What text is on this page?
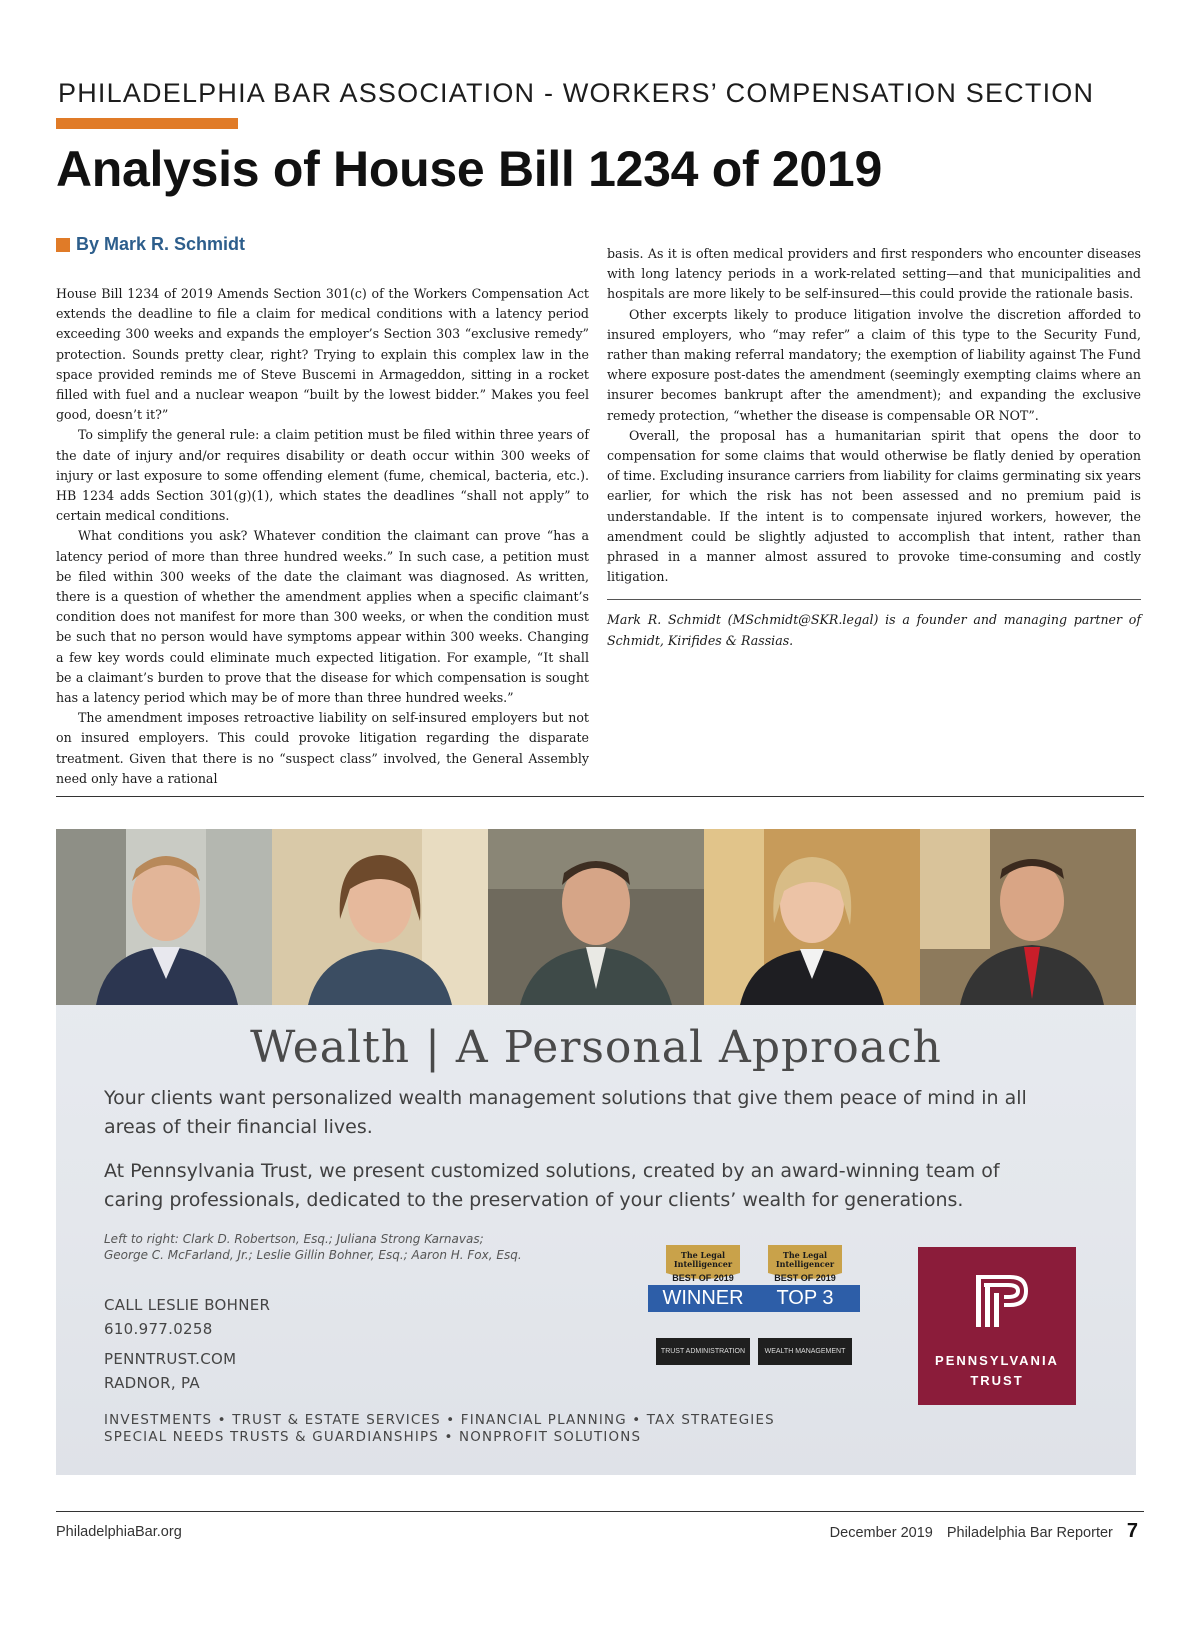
PHILADELPHIA BAR ASSOCIATION - WORKERS’ COMPENSATION SECTION
Analysis of House Bill 1234 of 2019
By Mark R. Schmidt

House Bill 1234 of 2019 Amends Section 301(c) of the Workers Compensation Act extends the deadline to file a claim for medical conditions with a latency period exceeding 300 weeks and expands the employer’s Section 303 “exclusive remedy” protection. Sounds pretty clear, right? Trying to explain this complex law in the space provided reminds me of Steve Buscemi in Armageddon, sitting in a rocket filled with fuel and a nuclear weapon “built by the lowest bidder.” Makes you feel good, doesn’t it?”

To simplify the general rule: a claim petition must be filed within three years of the date of injury and/or requires disability or death occur within 300 weeks of injury or last exposure to some offending element (fume, chemical, bacteria, etc.). HB 1234 adds Section 301(g)(1), which states the deadlines “shall not apply” to certain medical conditions.

What conditions you ask? Whatever condition the claimant can prove “has a latency period of more than three hundred weeks.” In such case, a petition must be filed within 300 weeks of the date the claimant was diagnosed. As written, there is a question of whether the amendment applies when a specific claimant’s condition does not manifest for more than 300 weeks, or when the condition must be such that no person would have symptoms appear within 300 weeks. Changing a few key words could eliminate much expected litigation. For example, “It shall be a claimant’s burden to prove that the disease for which compensation is sought has a latency period which may be of more than three hundred weeks.”

The amendment imposes retroactive liability on self-insured employers but not on insured employers. This could provoke litigation regarding the disparate treatment. Given that there is no “suspect class” involved, the General Assembly need only have a rational

basis. As it is often medical providers and first responders who encounter diseases with long latency periods in a work-related setting—and that municipalities and hospitals are more likely to be self-insured—this could provide the rationale basis.

Other excerpts likely to produce litigation involve the discretion afforded to insured employers, who “may refer” a claim of this type to the Security Fund, rather than making referral mandatory; the exemption of liability against The Fund where exposure post-dates the amendment (seemingly exempting claims where an insurer becomes bankrupt after the amendment); and expanding the exclusive remedy protection, “whether the disease is compensable OR NOT”.

Overall, the proposal has a humanitarian spirit that opens the door to compensation for some claims that would otherwise be flatly denied by operation of time. Excluding insurance carriers from liability for claims germinating six years earlier, for which the risk has not been assessed and no premium paid is understandable. If the intent is to compensate injured workers, however, the amendment could be slightly adjusted to accomplish that intent, rather than phrased in a manner almost assured to provoke time-consuming and costly litigation.

Mark R. Schmidt (MSchmidt@SKR.legal) is a founder and managing partner of Schmidt, Kirifides & Rassias.

Wealth | A Personal Approach
Your clients want personalized wealth management solutions that give them peace of mind in all areas of their financial lives.
At Pennsylvania Trust, we present customized solutions, created by an award-winning team of caring professionals, dedicated to the preservation of your clients’ wealth for generations.
Left to right: Clark D. Robertson, Esq.; Juliana Strong Karnavas;
George C. McFarland, Jr.; Leslie Gillin Bohner, Esq.; Aaron H. Fox, Esq.
CALL LESLIE BOHNER
610.977.0258
PENNTRUST.COM
RADNOR, PA
INVESTMENTS • TRUST & ESTATE SERVICES • FINANCIAL PLANNING • TAX STRATEGIES
SPECIAL NEEDS TRUSTS & GUARDIANSHIPS • NONPROFIT SOLUTIONS
The Legal Intelligencer
BEST OF 2019
WINNER
TRUST ADMINISTRATION
The Legal Intelligencer
BEST OF 2019
TOP 3
WEALTH MANAGEMENT
PENNSYLVANIA
TRUST
PhiladelphiaBar.org	December 2019 Philadelphia Bar Reporter 7
